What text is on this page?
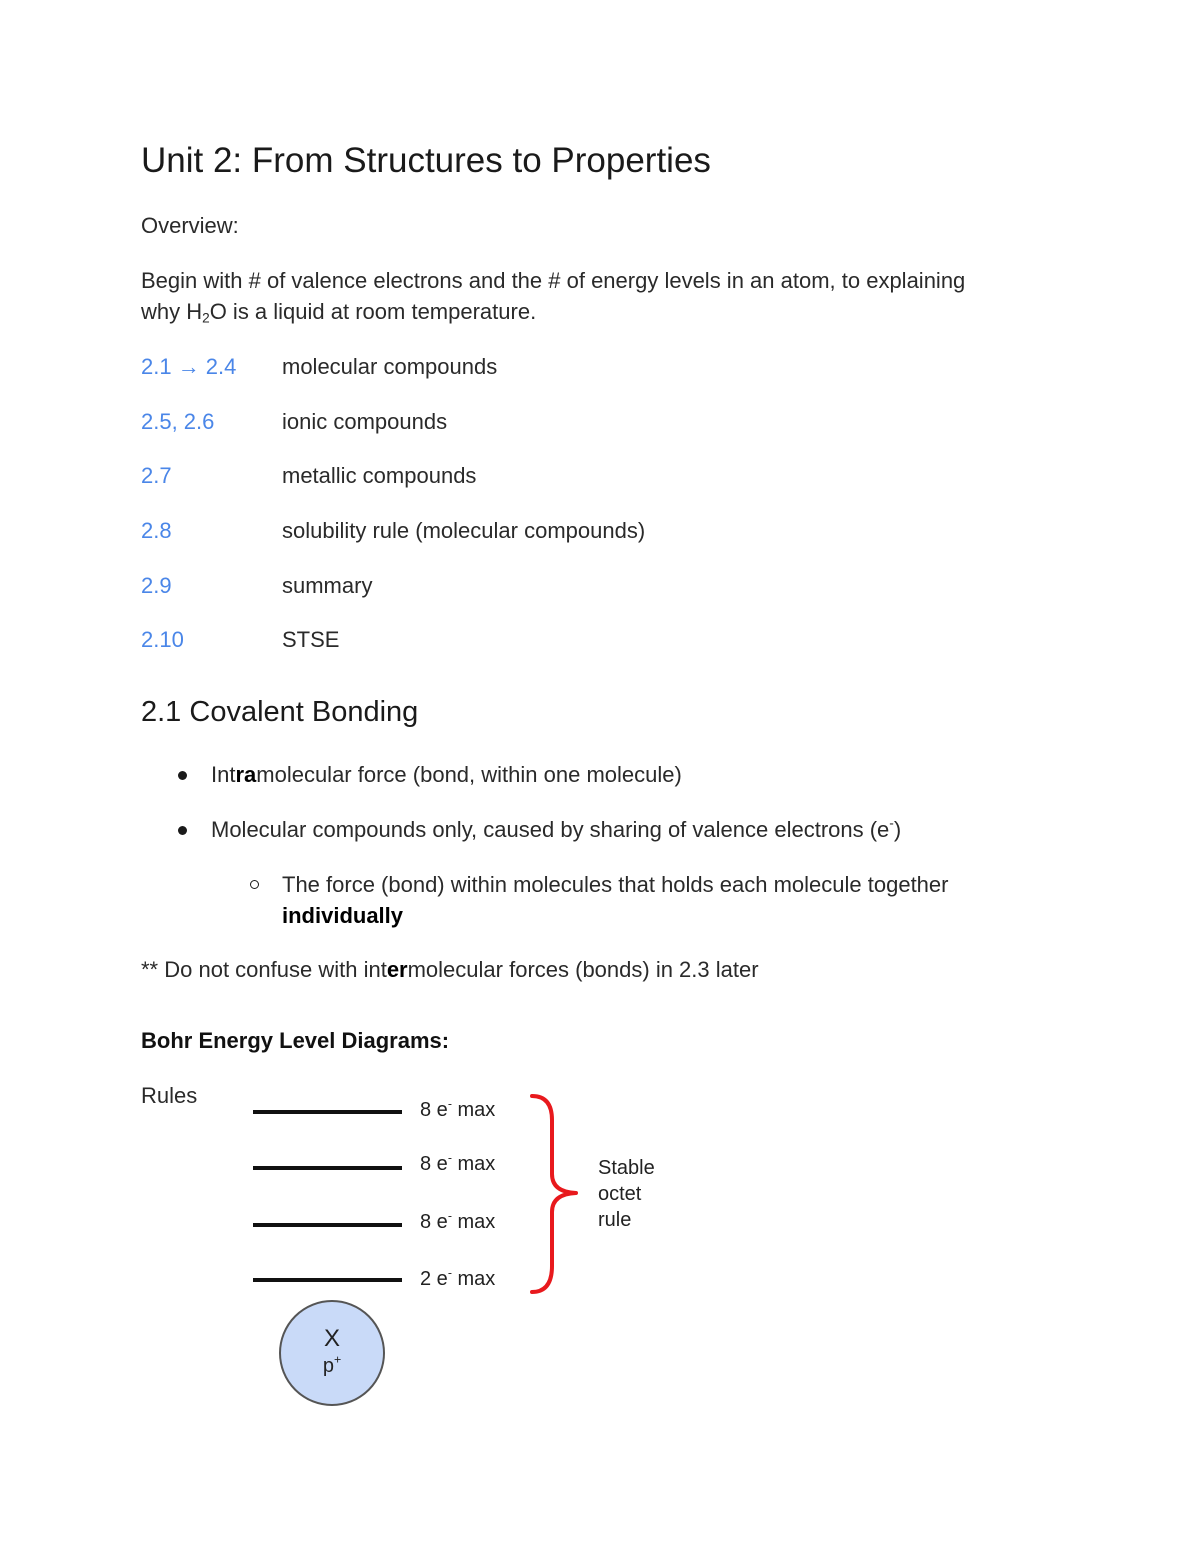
Unit 2: From Structures to Properties
Overview:
Begin with # of valence electrons and the # of energy levels in an atom, to explaining
why $H_2O$ is a liquid at room temperature.
2.1 → 2.4 molecular compounds
2.5, 2.6	ionic compounds
2.7	metallic compounds
2.8	solubility rule (molecular compounds)
2.9	summary
2.10	STSE
2.1 Covalent Bonding
Intramolecular force (bond, within one molecule)
Molecular compounds only, caused by sharing of valence electrons (e-)
The force (bond) within molecules that holds each molecule together
individually
** Do not confuse with intermolecular forces (bonds) in 2.3 later
Bohr Energy Level Diagrams:
Rules
8 e- max
8 e- max
8 e- max
2 e- max
Stable
octet
rule
X
p+
